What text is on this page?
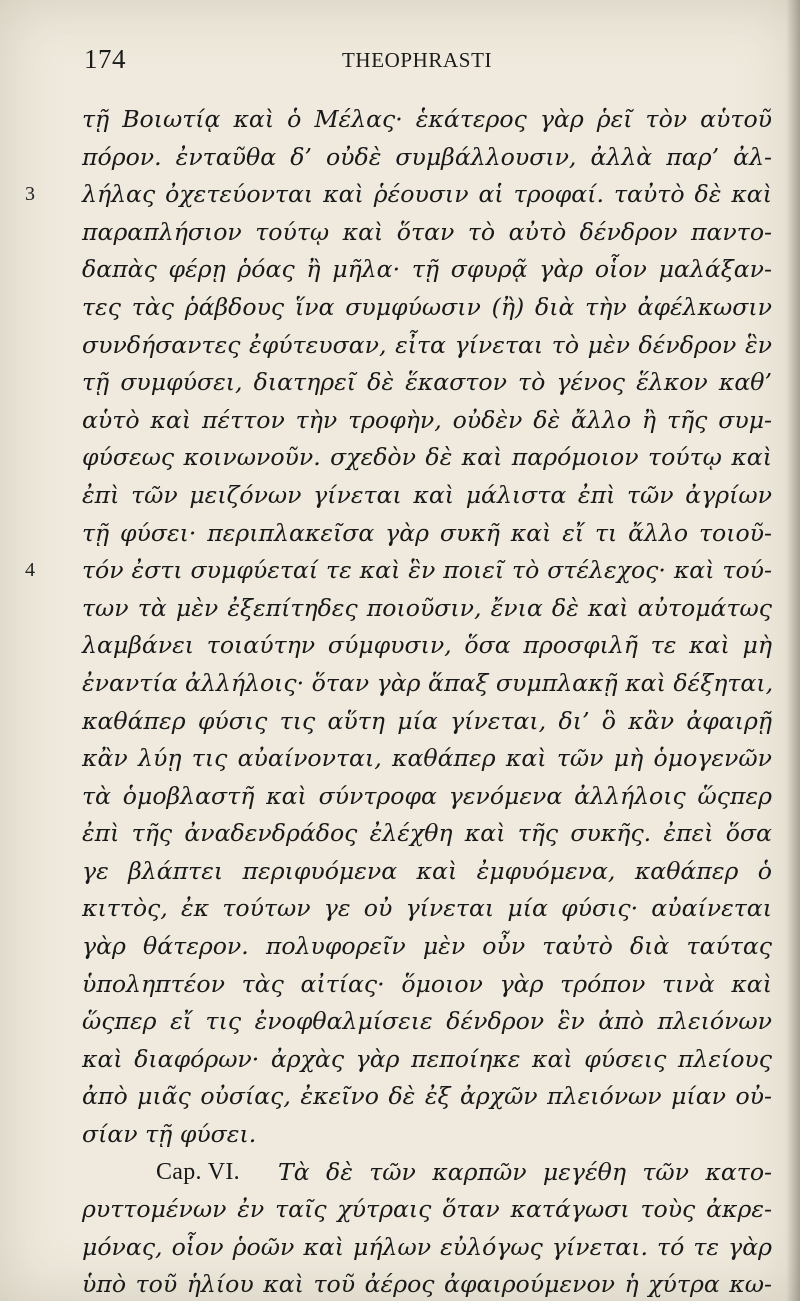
174	THEOPHRASTI
τῇ Βοιωτίᾳ καὶ ὁ Μέλας· ἑκάτερος γὰρ ῥεῖ τὸν αὑτοῦ
πόρον. ἐνταῦθα δ’ οὐδὲ συμβάλλουσιν, ἀλλὰ παρ’ ἀλ-
3 λήλας ὀχετεύονται καὶ ῥέουσιν αἱ τροφαί. ταὐτὸ δὲ καὶ
παραπλήσιον τούτῳ καὶ ὅταν τὸ αὐτὸ δένδρον παντο-
δαπὰς φέρῃ ῥόας ἢ μῆλα· τῇ σφυρᾷ γὰρ οἷον μαλάξαν-
τες τὰς ῥάβδους ἵνα συμφύωσιν (ἢ) διὰ τὴν ἀφέλκωσιν
συνδήσαντες ἐφύτευσαν, εἶτα γίνεται τὸ μὲν δένδρον ἓν
τῇ συμφύσει, διατηρεῖ δὲ ἕκαστον τὸ γένος ἕλκον καθ’
αὑτὸ καὶ πέττον τὴν τροφὴν, οὐδὲν δὲ ἄλλο ἢ τῆς συμ-
φύσεως κοινωνοῦν. σχεδὸν δὲ καὶ παρόμοιον τούτῳ καὶ
ἐπὶ τῶν μειζόνων γίνεται καὶ μάλιστα ἐπὶ τῶν ἀγρίων
τῇ φύσει· περιπλακεῖσα γὰρ συκῆ καὶ εἴ τι ἄλλο τοιοῦ-
4 τόν ἐστι συμφύεταί τε καὶ ἓν ποιεῖ τὸ στέλεχος· καὶ τού-
των τὰ μὲν ἐξεπίτηδες ποιοῦσιν, ἔνια δὲ καὶ αὐτομάτως
λαμβάνει τοιαύτην σύμφυσιν, ὅσα προσφιλῆ τε καὶ μὴ
ἐναντία ἀλλήλοις· ὅταν γὰρ ἅπαξ συμπλακῇ καὶ δέξηται,
καθάπερ φύσις τις αὕτη μία γίνεται, δι’ ὃ κἂν ἀφαιρῇ
κἂν λύῃ τις αὐαίνονται, καθάπερ καὶ τῶν μὴ ὁμογενῶν
τὰ ὁμοβλαστῆ καὶ σύντροφα γενόμενα ἀλλήλοις ὥςπερ
ἐπὶ τῆς ἀναδενδράδος ἐλέχθη καὶ τῆς συκῆς. ἐπεὶ ὅσα
γε βλάπτει περιφυόμενα καὶ ἐμφυόμενα, καθάπερ ὁ
κιττὸς, ἐκ τούτων γε οὐ γίνεται μία φύσις· αὐαίνεται
γὰρ θάτερον. πολυφορεῖν μὲν οὖν ταὐτὸ διὰ ταύτας
ὑποληπτέον τὰς αἰτίας· ὅμοιον γὰρ τρόπον τινὰ καὶ
ὥςπερ εἴ τις ἐνοφθαλμίσειε δένδρον ἓν ἀπὸ πλειόνων
καὶ διαφόρων· ἀρχὰς γὰρ πεποίηκε καὶ φύσεις πλείους
ἀπὸ μιᾶς οὐσίας, ἐκεῖνο δὲ ἐξ ἀρχῶν πλειόνων μίαν οὐ-
σίαν τῇ φύσει.
Cap. VI. Τὰ δὲ τῶν καρπῶν μεγέθη τῶν κατο-
ρυττομένων ἐν ταῖς χύτραις ὅταν κατάγωσι τοὺς ἀκρε-
μόνας, οἷον ῥοῶν καὶ μήλων εὐλόγως γίνεται. τό τε γὰρ
ὑπὸ τοῦ ἡλίου καὶ τοῦ ἀέρος ἀφαιρούμενον ἡ χύτρα κω-
